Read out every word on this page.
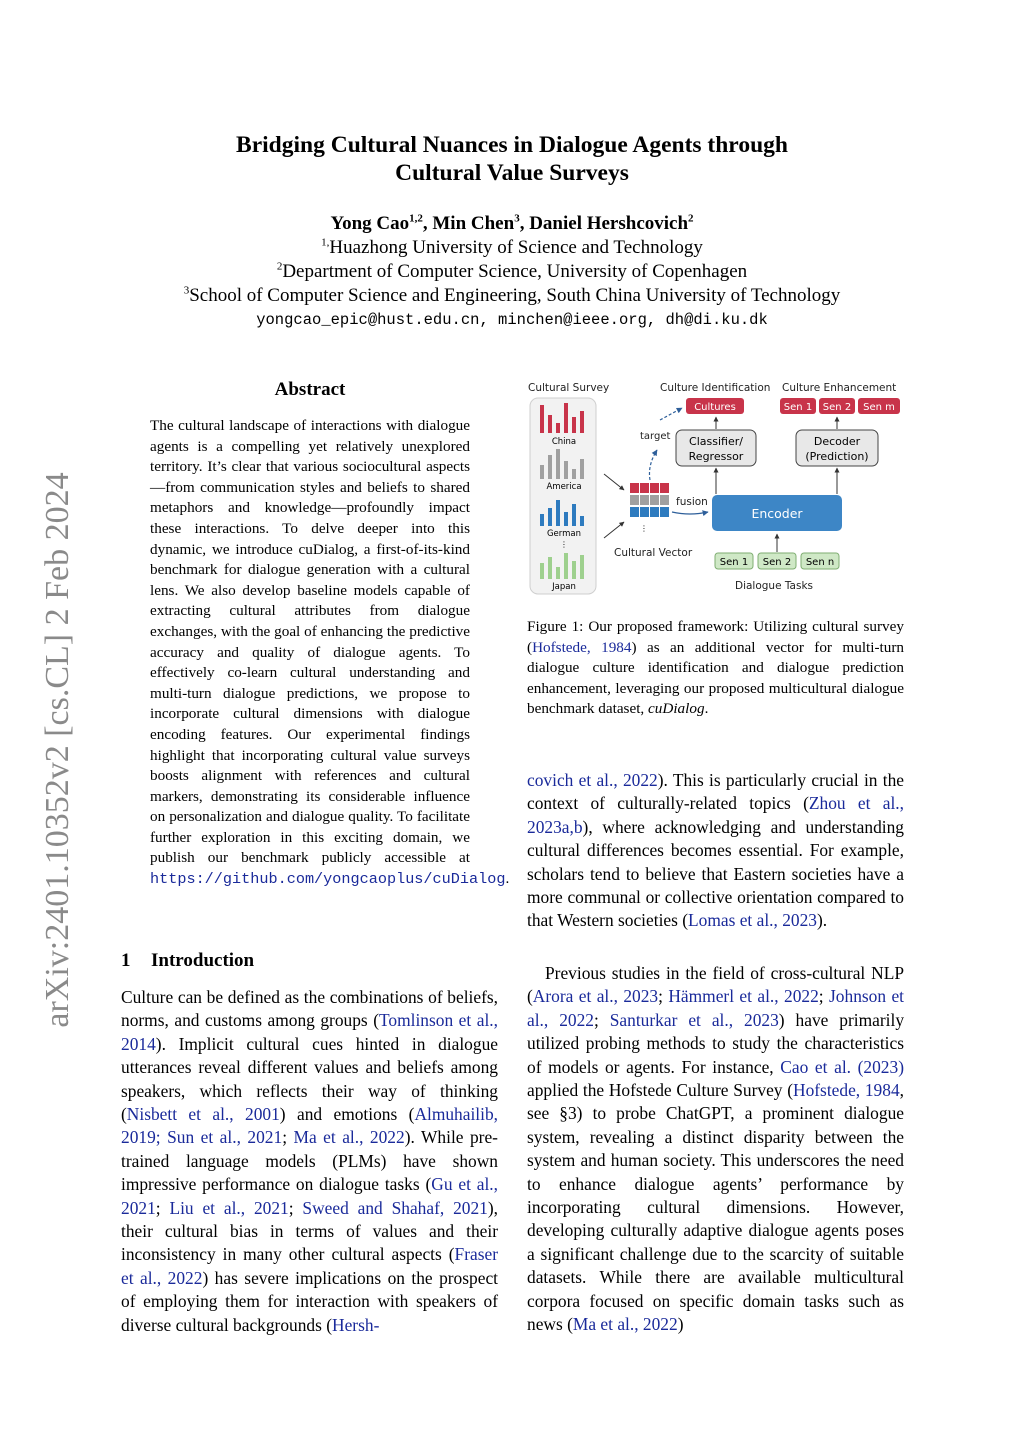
arXiv:2401.10352v2 [cs.CL] 2 Feb 2024
Bridging Cultural Nuances in Dialogue Agents through
Cultural Value Surveys
Yong Cao$^{1,2}$, Min Chen$^3$, Daniel Hershcovich$^2$
$^{1,}$Huazhong University of Science and Technology
$^2$Department of Computer Science, University of Copenhagen
$^3$School of Computer Science and Engineering, South China University of Technology
yongcao_epic@hust.edu.cn, minchen@ieee.org, dh@di.ku.dk
Abstract

The cultural landscape of interactions with dialogue agents is a compelling yet relatively unexplored territory. It’s clear that various sociocultural aspects—from communication styles and beliefs to shared metaphors and knowledge—profoundly impact these interactions. To delve deeper into this dynamic, we introduce cuDialog, a first-of-its-kind benchmark for dialogue generation with a cultural lens. We also develop baseline models capable of extracting cultural attributes from dialogue exchanges, with the goal of enhancing the predictive accuracy and quality of dialogue agents. To effectively co-learn cultural understanding and multi-turn dialogue predictions, we propose to incorporate cultural dimensions with dialogue encoding features. Our experimental findings highlight that incorporating cultural value surveys boosts alignment with references and cultural markers, demonstrating its considerable influence on personalization and dialogue quality. To facilitate further exploration in this exciting domain, we publish our benchmark publicly accessible at https://github.com/yongcaoplus/cuDialog.

Cultural Survey
China
America
German
⋮
Japan
⋮
Cultural Vector
Culture Identification Culture Enhancement
Cultures	Sen 1 Sen 2 Sen m
Classifier/
Regressor
Decoder
(Prediction)
target
fusion
Encoder
Sen 1 Sen 2 Sen n
Dialogue Tasks
Figure 1: Our proposed framework: Utilizing cultural survey (Hofstede, 1984) as an additional vector for multi-turn dialogue culture identification and dialogue prediction enhancement, leveraging our proposed multicultural dialogue benchmark dataset, cuDialog.
1 Introduction

Culture can be defined as the combinations of beliefs, norms, and customs among groups (Tomlinson et al., 2014). Implicit cultural cues hinted in dialogue utterances reveal different values and beliefs among speakers, which reflects their way of thinking (Nisbett et al., 2001) and emotions (Almuhailib, 2019; Sun et al., 2021; Ma et al., 2022). While pre-trained language models (PLMs) have shown impressive performance on dialogue tasks (Gu et al., 2021; Liu et al., 2021; Sweed and Shahaf, 2021), their cultural bias in terms of values and their inconsistency in many other cultural aspects (Fraser et al., 2022) has severe implications on the prospect of employing them for interaction with speakers of diverse cultural backgrounds (Hersh-

covich et al., 2022). This is particularly crucial in the context of culturally-related topics (Zhou et al., 2023a,b), where acknowledging and understanding cultural differences becomes essential. For example, scholars tend to believe that Eastern societies have a more communal or collective orientation compared to that Western societies (Lomas et al., 2023).

Previous studies in the field of cross-cultural NLP (Arora et al., 2023; Hämmerl et al., 2022; Johnson et al., 2022; Santurkar et al., 2023) have primarily utilized probing methods to study the characteristics of models or agents. For instance, Cao et al. (2023) applied the Hofstede Culture Survey (Hofstede, 1984, see §3) to probe ChatGPT, a prominent dialogue system, revealing a distinct disparity between the system and human society. This underscores the need to enhance dialogue agents’ performance by incorporating cultural dimensions. However, developing culturally adaptive dialogue agents poses a significant challenge due to the scarcity of suitable datasets. While there are available multicultural corpora focused on specific domain tasks such as news (Ma et al., 2022)
